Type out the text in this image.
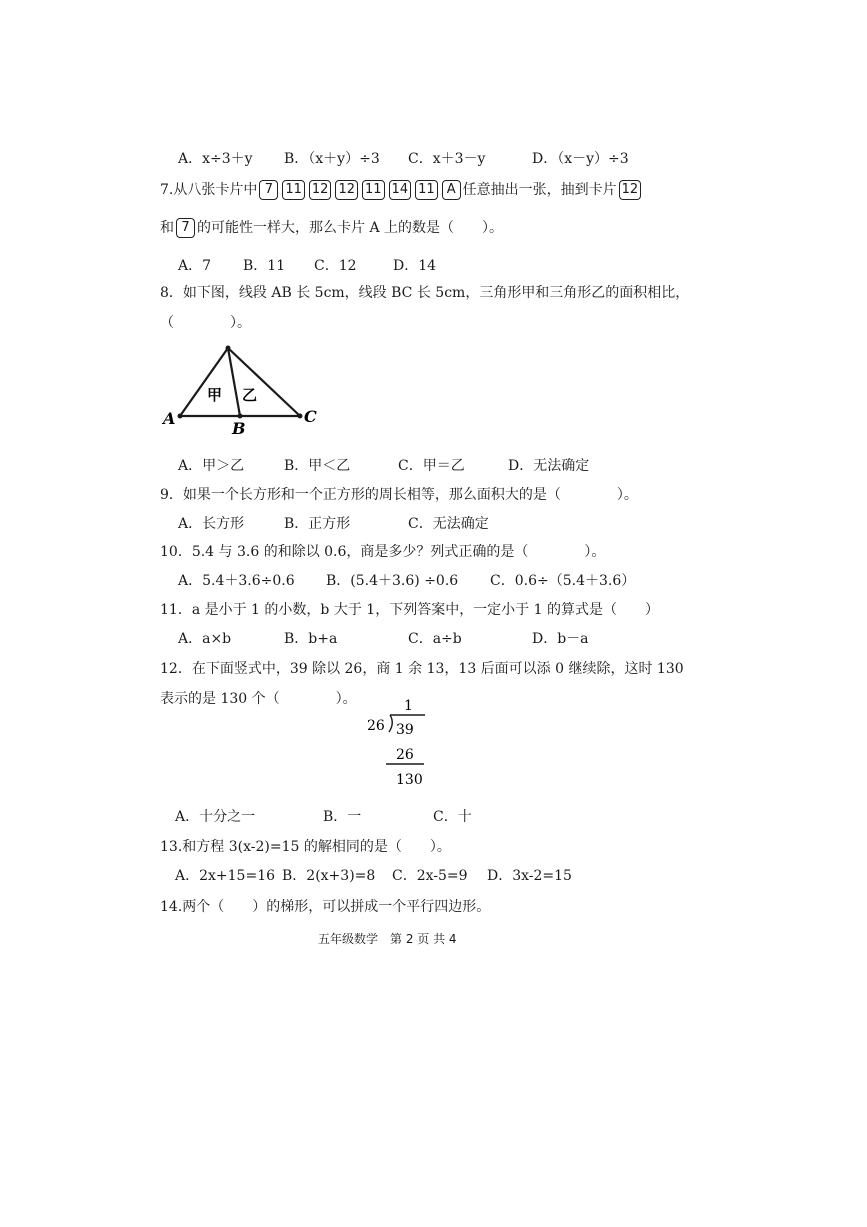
A．x÷3＋y B．（x＋y）÷3 C．x＋3－y	D．（x－y）÷3
7.从八张卡片中 7 11 12 12 11 14 11 A 任意抽出一张，抽到卡片 12
和 7 的可能性一样大，那么卡片 A 上的数是（　　）。
A．7 B．11 C．12	D．14
8．如下图，线段 AB 长 5cm，线段 BC 长 5cm，三角形甲和三角形乙的面积相比，
（　　　　）。
甲 乙
A
B
C
A．甲＞乙	B．甲＜乙	C．甲＝乙	D．无法确定
9．如果一个长方形和一个正方形的周长相等，那么面积大的是（　　　　）。
A．长方形	B．正方形	C．无法确定
10．5.4 与 3.6 的和除以 0.6，商是多少？列式正确的是（　　　　）。
A．5.4＋3.6÷0.6 B．(5.4＋3.6) ÷0.6 C．0.6÷（5.4＋3.6）
11．a 是小于 1 的小数，b 大于 1，下列答案中，一定小于 1 的算式是（　　）
A．a×b	B．b+a	C．a÷b	D．b－a
12．在下面竖式中，39 除以 26，商 1 余 13，13 后面可以添 0 继续除，这时 130
表示的是 130 个（　　　　）。	1
26 39
26
130
A．十分之一	B．一	C．十
13.和方程 3(x-2)=15 的解相同的是（　　）。
A．2x+15=16 B．2(x+3)=8 C．2x-5=9 D．3x-2=15
14.两个（　　）的梯形，可以拼成一个平行四边形。
五年级数学　第 2 页 共 4
